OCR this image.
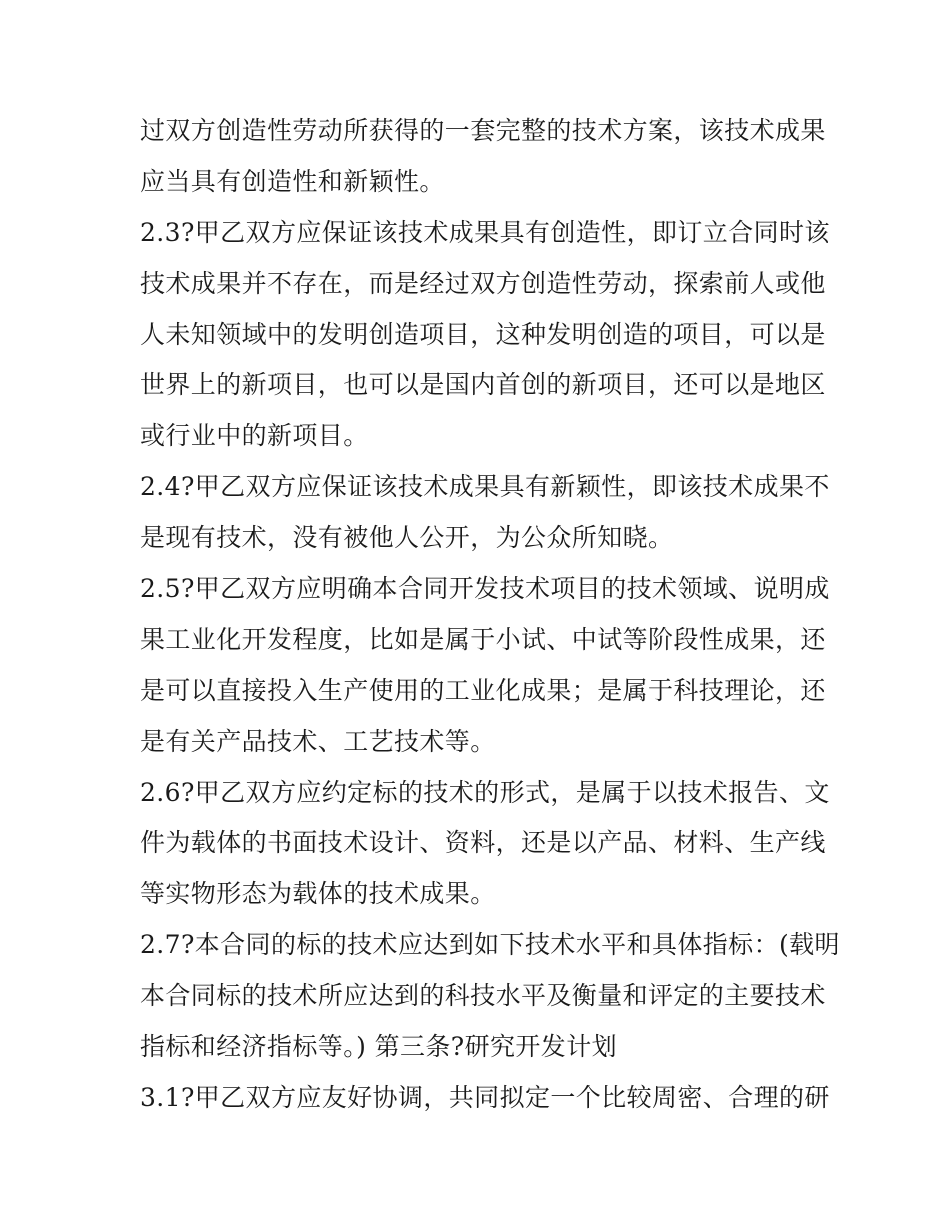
过双方创造性劳动所获得的一套完整的技术方案，该技术成果
应当具有创造性和新颖性。
2.3?甲乙双方应保证该技术成果具有创造性，即订立合同时该
技术成果并不存在，而是经过双方创造性劳动，探索前人或他
人未知领域中的发明创造项目，这种发明创造的项目，可以是
世界上的新项目，也可以是国内首创的新项目，还可以是地区
或行业中的新项目。
2.4?甲乙双方应保证该技术成果具有新颖性，即该技术成果不
是现有技术，没有被他人公开，为公众所知晓。
2.5?甲乙双方应明确本合同开发技术项目的技术领域、说明成
果工业化开发程度，比如是属于小试、中试等阶段性成果，还
是可以直接投入生产使用的工业化成果；是属于科技理论，还
是有关产品技术、工艺技术等。
2.6?甲乙双方应约定标的技术的形式，是属于以技术报告、文
件为载体的书面技术设计、资料，还是以产品、材料、生产线
等实物形态为载体的技术成果。
2.7?本合同的标的技术应达到如下技术水平和具体指标：(载明
本合同标的技术所应达到的科技水平及衡量和评定的主要技术
指标和经济指标等。) 第三条?研究开发计划
3.1?甲乙双方应友好协调，共同拟定一个比较周密、合理的研
